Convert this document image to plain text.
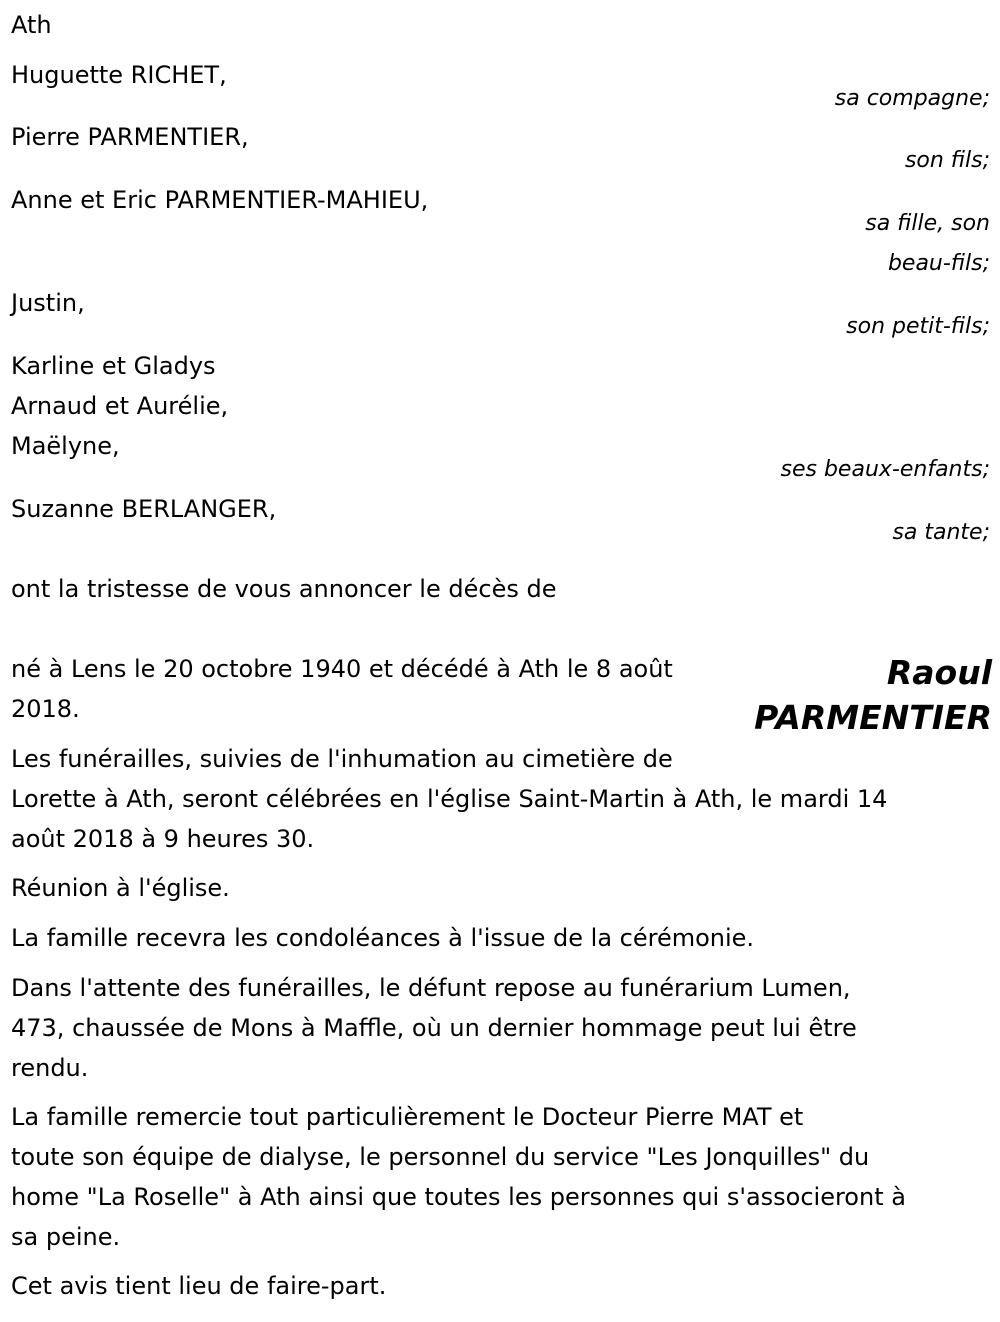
Ath
Huguette RICHET,
sa compagne;
Pierre PARMENTIER,
son fils;
Anne et Eric PARMENTIER-MAHIEU,
sa fille, son
beau-fils;
Justin,
son petit-fils;
Karline et Gladys
Arnaud et Aurélie,
Maëlyne,
ses beaux-enfants;
Suzanne BERLANGER,
sa tante;
ont la tristesse de vous annoncer le décès de
Raoul
PARMENTIER
né à Lens le 20 octobre 1940 et décédé à Ath le 8 août
2018.
Les funérailles, suivies de l'inhumation au cimetière de
Lorette à Ath, seront célébrées en l'église Saint-Martin à Ath, le mardi 14
août 2018 à 9 heures 30.
Réunion à l'église.
La famille recevra les condoléances à l'issue de la cérémonie.
Dans l'attente des funérailles, le défunt repose au funérarium Lumen,
473, chaussée de Mons à Maffle, où un dernier hommage peut lui être
rendu.
La famille remercie tout particulièrement le Docteur Pierre MAT et
toute son équipe de dialyse, le personnel du service "Les Jonquilles" du
home "La Roselle" à Ath ainsi que toutes les personnes qui s'associeront à
sa peine.
Cet avis tient lieu de faire-part.
